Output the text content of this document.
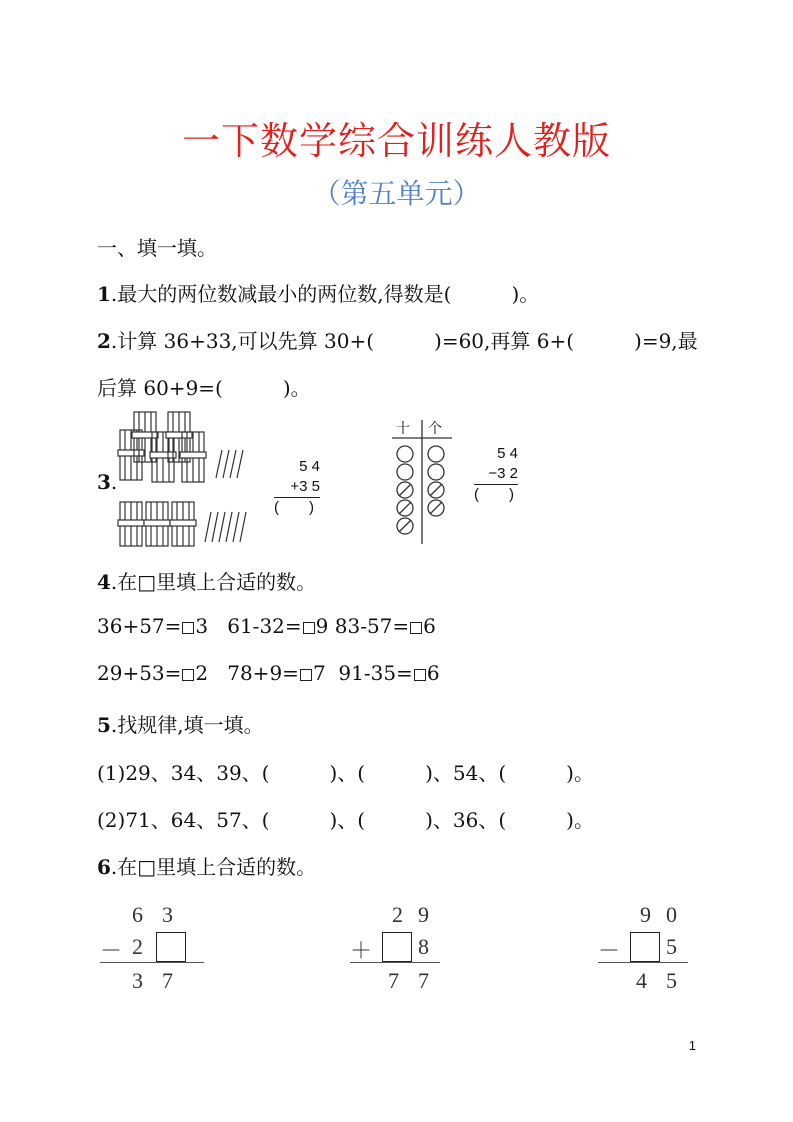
一下数学综合训练人教版
（第五单元）
一、填一填。
1.最大的两位数减最小的两位数,得数是(　　　)。
2.计算 36+33,可以先算 30+(　　　)=60,再算 6+(　　　)=9,最
后算 60+9=(　　　)。
3.
5 4
+3 5
(　　)
十 个
5 4
−3 2
(　　)
4.在□里填上合适的数。
36+57= 3 61-32= 9 83-57= 6
29+53= 2 78+9= 7 91-35= 6
5.找规律,填一填。
(1)29、34、39、(　　　)、(　　　)、54、(　　　)。
(2)71、64、57、(　　　)、(　　　)、36、(　　　)。
6.在□里填上合适的数。
6 3
－ 2
3 7
2 9
＋ 8
7 7
9 0
－ 5
4 5
1
